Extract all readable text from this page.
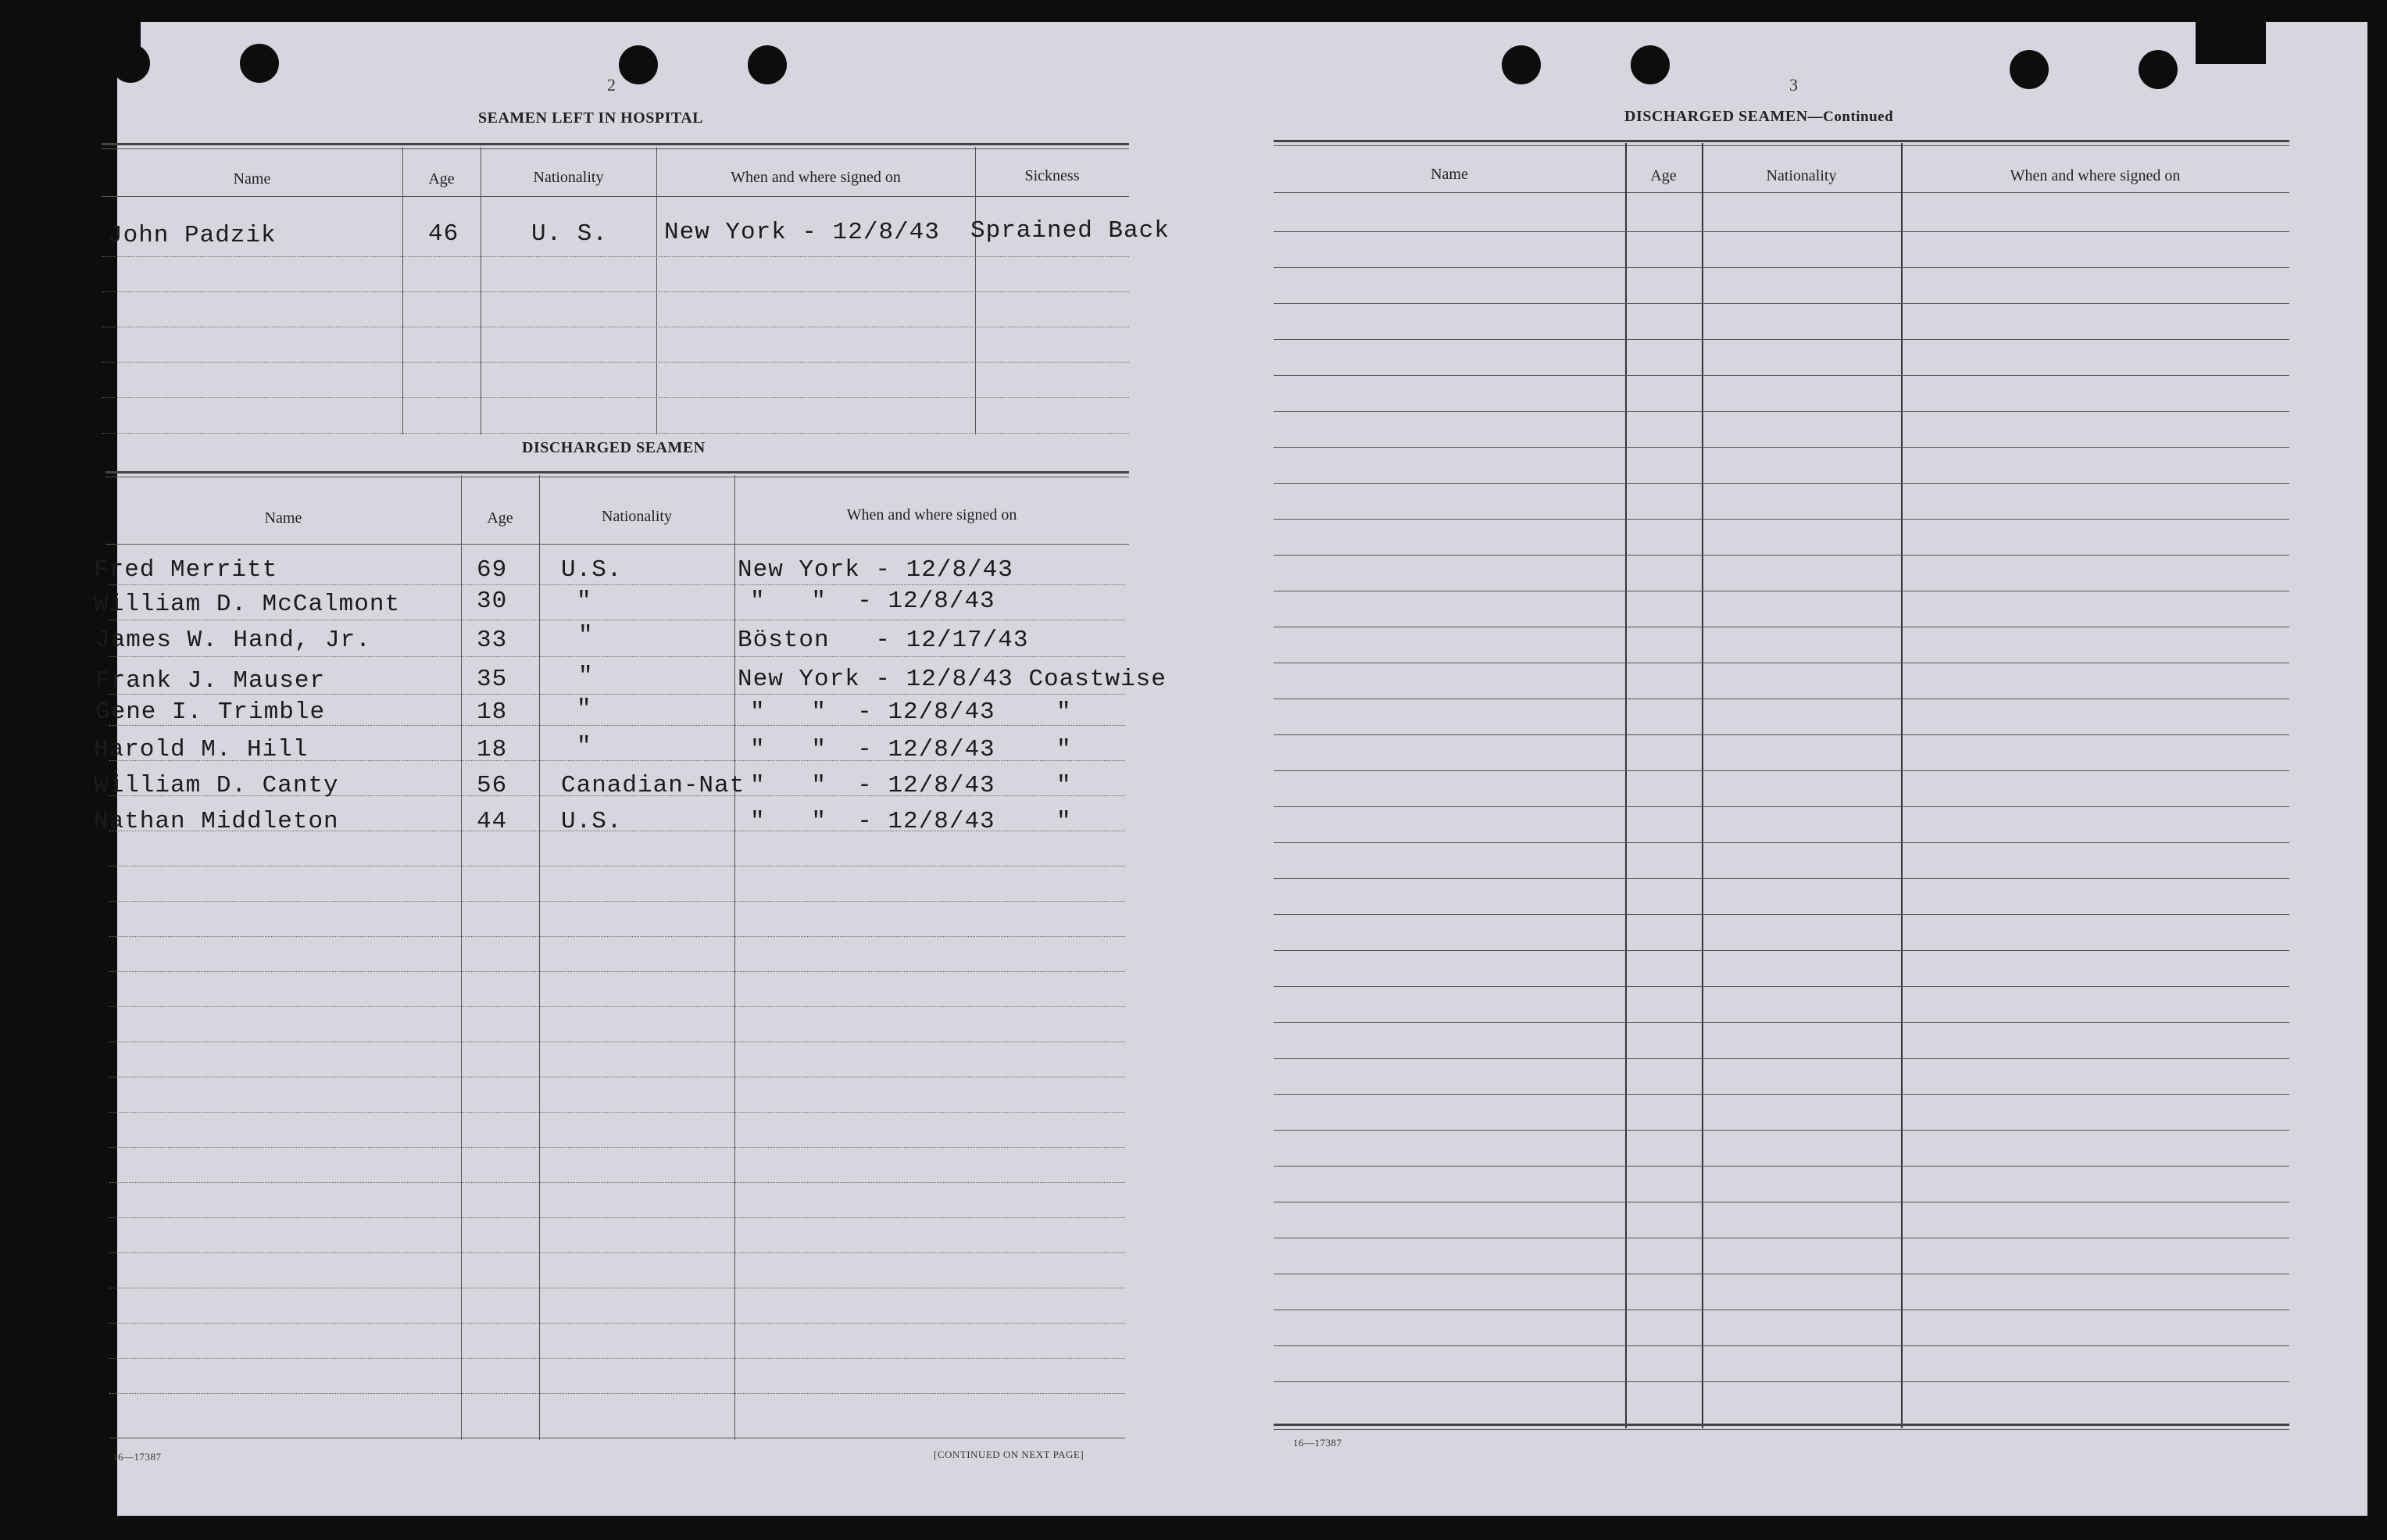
2
SEAMEN LEFT IN HOSPITAL
Name	Age	Nationality	When and where signed on	Sickness
John Padzik	46	U. S. New York - 12/8/43 Sprained Back
DISCHARGED SEAMEN
Name	Age	Nationality	When and where signed on
Fred Merritt	69 U.S.	New York - 12/8/43
William D. McCalmont	30	"	"   "  - 12/8/43
James W. Hand, Jr.	33	"	Böston   - 12/17/43
Frank J. Mauser	35	"	New York - 12/8/43 Coastwise
Gene I. Trimble	18	"	"   "  - 12/8/43    "
Harold M. Hill	18	"	"   "  - 12/8/43    "
William D. Canty	56 Canadian-Nat "   "  - 12/8/43    "
Nathan Middleton	44 U.S.	"   "  - 12/8/43    "
16—17387	[CONTINUED ON NEXT PAGE]
3
DISCHARGED SEAMEN—Continued
Name	Age	Nationality	When and where signed on
16—17387
